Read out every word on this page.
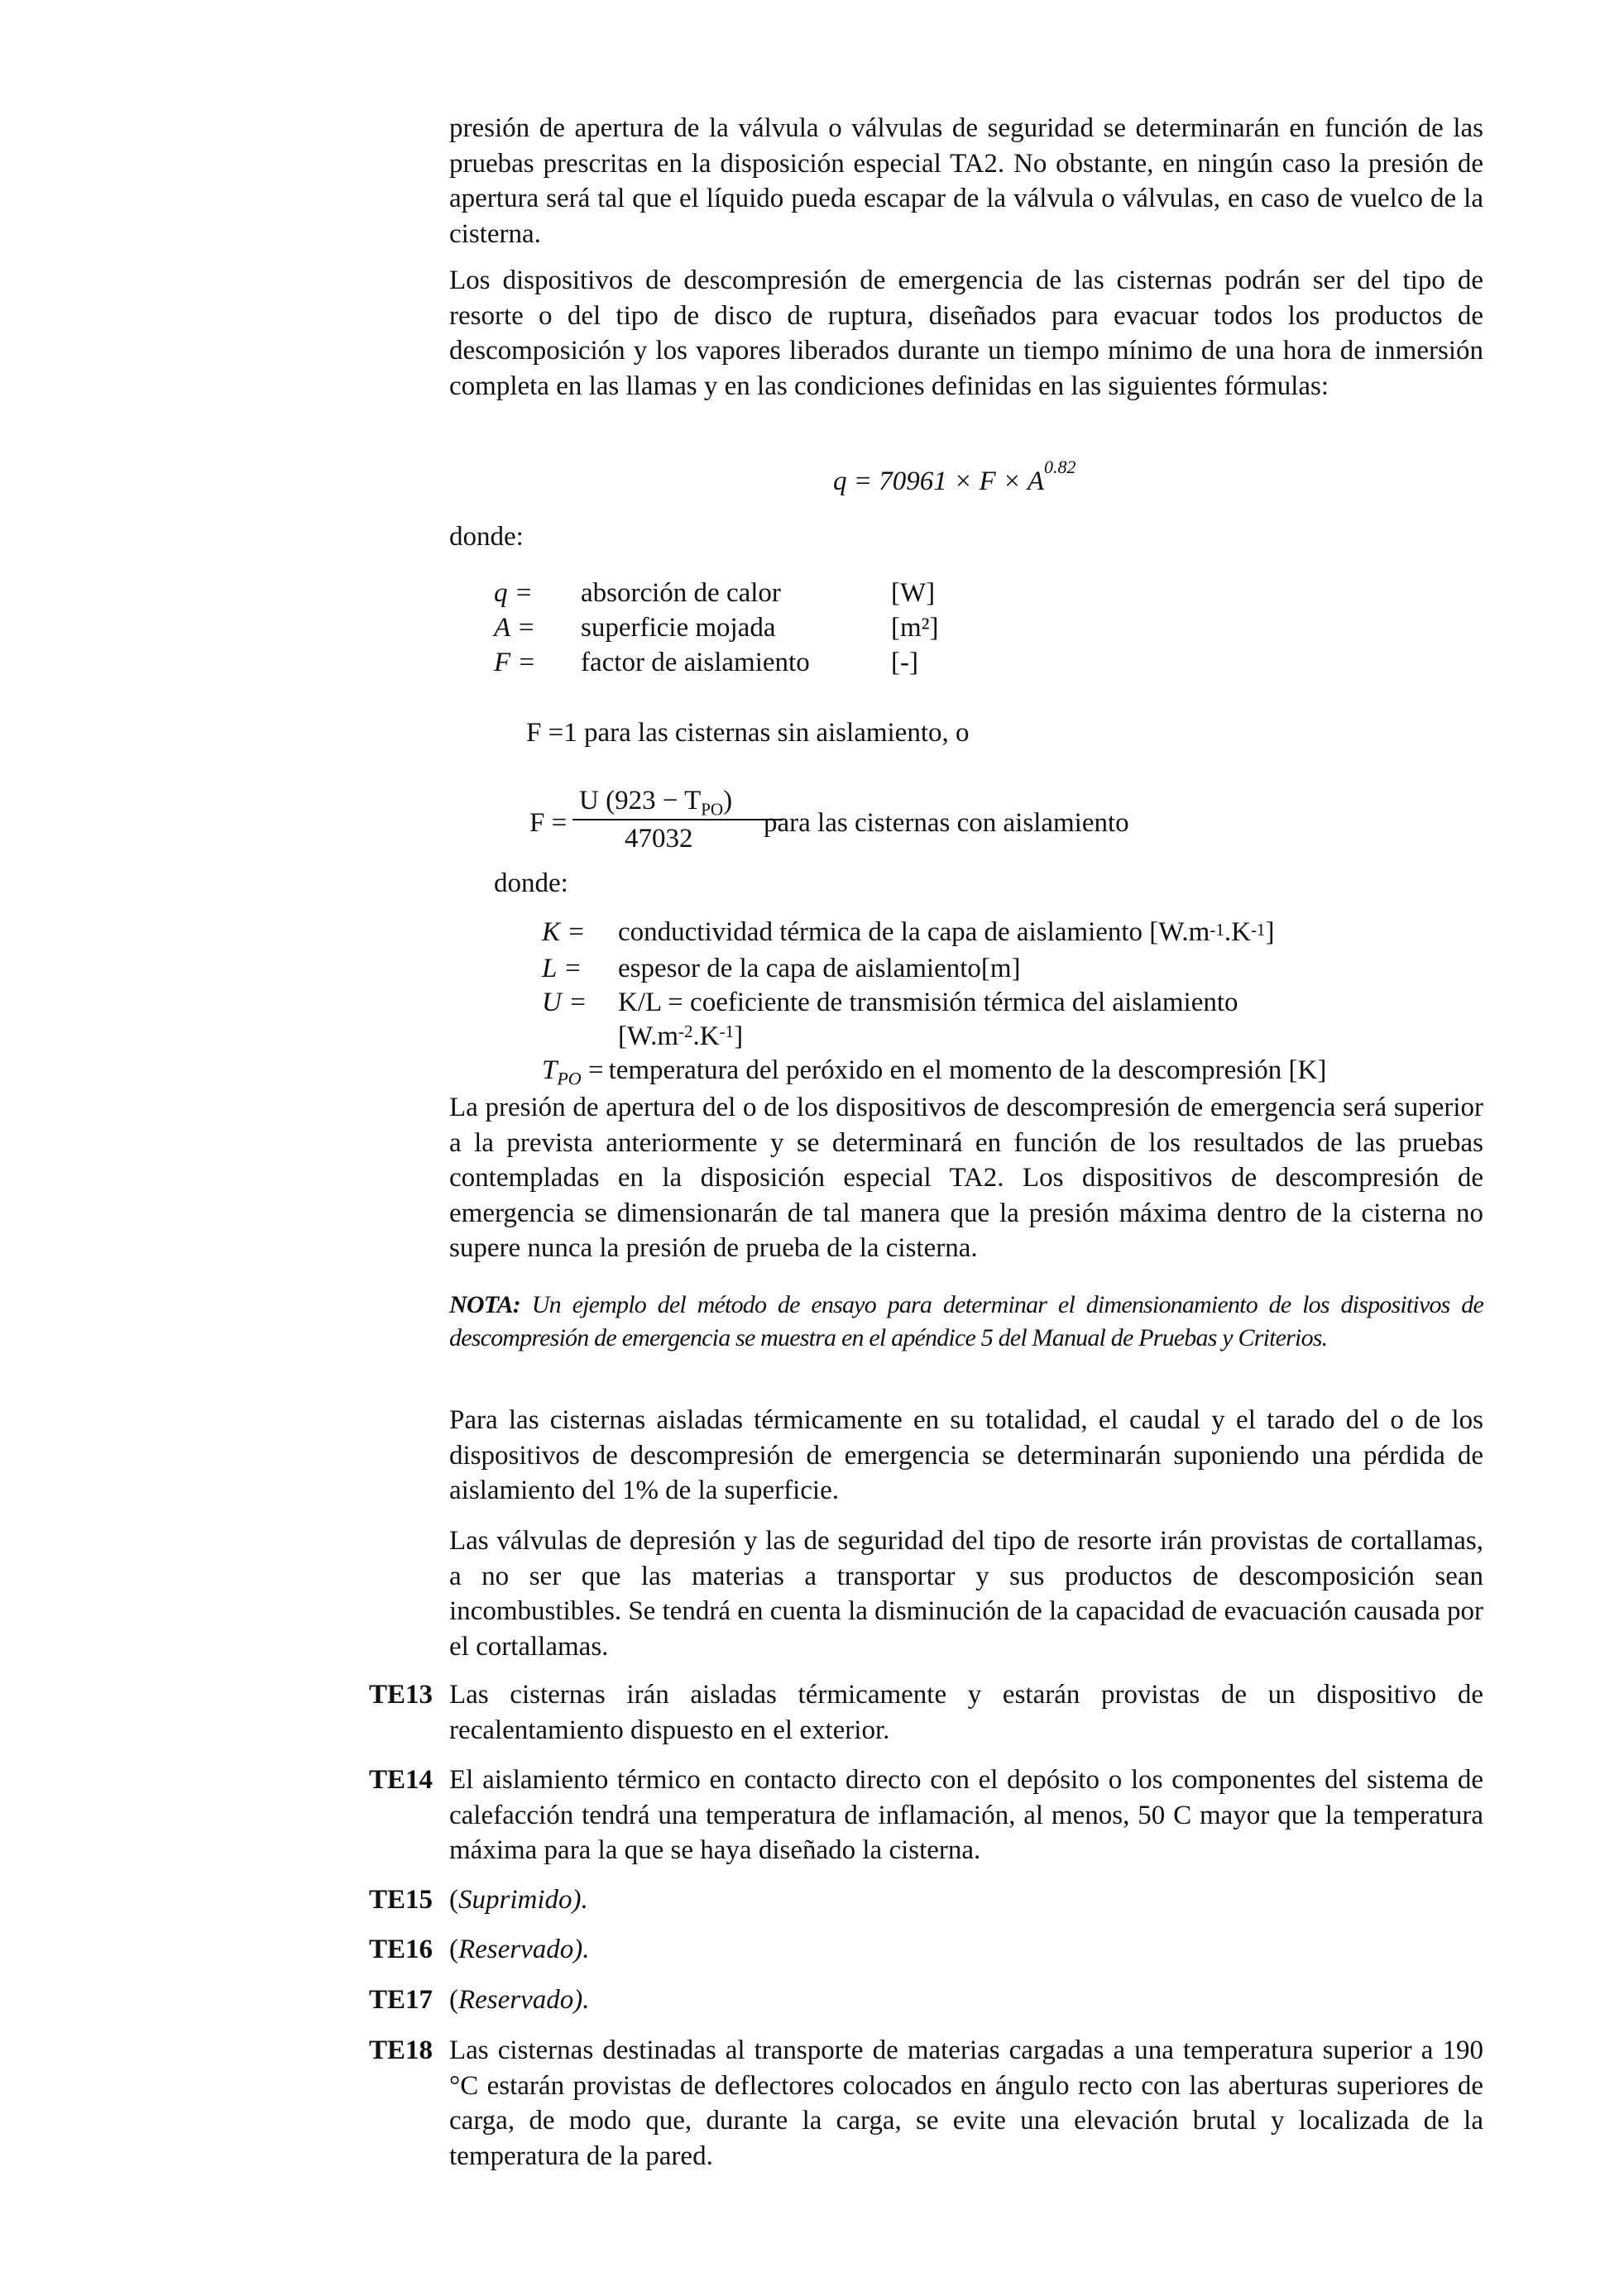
presión de apertura de la válvula o válvulas de seguridad se determinarán en función de las pruebas prescritas en la disposición especial TA2. No obstante, en ningún caso la presión de apertura será tal que el líquido pueda escapar de la válvula o válvulas, en caso de vuelco de la cisterna.

Los dispositivos de descompresión de emergencia de las cisternas podrán ser del tipo de resorte o del tipo de disco de ruptura, diseñados para evacuar todos los productos de descomposición y los vapores liberados durante un tiempo mínimo de una hora de inmersión completa en las llamas y en las condiciones definidas en las siguientes fórmulas:

$q = 70961 \times F \times A^{0.82}$
donde:
q =	absorción de calor	[W]
A =	superficie mojada	[m²]
F =	factor de aislamiento	[-]
F =1 para las cisternas sin aislamiento, o
F =
U $(923 - T_{PO})$
47032
para las cisternas con aislamiento
donde:
K =	conductividad térmica de la capa de aislamiento $[W.m^{-1}.K^{-1}]$
L =	espesor de la capa de aislamiento[m]
U =	K/L = coeficiente de transmisión térmica del aislamiento
[$W.m^{-2}$ $.K^{-1}$ ]
$T_{PO}$ = temperatura del peróxido en el momento de la descompresión [K]

La presión de apertura del o de los dispositivos de descompresión de emergencia será superior a la prevista anteriormente y se determinará en función de los resultados de las pruebas contempladas en la disposición especial TA2. Los dispositivos de descompresión de emergencia se dimensionarán de tal manera que la presión máxima dentro de la cisterna no supere nunca la presión de prueba de la cisterna.

NOTA: Un ejemplo del método de ensayo para determinar el dimensionamiento de los dispositivos de descompresión de emergencia se muestra en el apéndice 5 del Manual de Pruebas y Criterios.

Para las cisternas aisladas térmicamente en su totalidad, el caudal y el tarado del o de los dispositivos de descompresión de emergencia se determinarán suponiendo una pérdida de aislamiento del 1% de la superficie.

Las válvulas de depresión y las de seguridad del tipo de resorte irán provistas de cortallamas, a no ser que las materias a transportar y sus productos de descomposición sean incombustibles. Se tendrá en cuenta la disminución de la capacidad de evacuación causada por el cortallamas.

TE13 Las cisternas irán aisladas térmicamente y estarán provistas de un dispositivo de recalentamiento dispuesto en el exterior.
TE14 El aislamiento térmico en contacto directo con el depósito o los componentes del sistema de calefacción tendrá una temperatura de inflamación, al menos, 50 C mayor que la temperatura máxima para la que se haya diseñado la cisterna.
TE15 (Suprimido).
TE16 (Reservado).
TE17 (Reservado).
TE18 Las cisternas destinadas al transporte de materias cargadas a una temperatura superior a 190 °C estarán provistas de deflectores colocados en ángulo recto con las aberturas superiores de carga, de modo que, durante la carga, se evite una elevación brutal y localizada de la temperatura de la pared.
